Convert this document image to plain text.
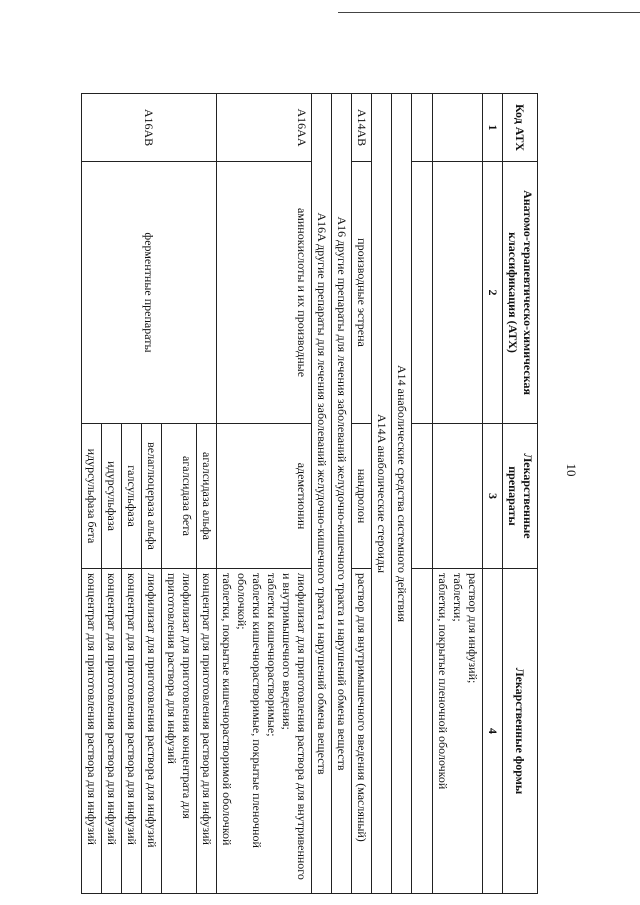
10
Код АТХ	Анатомо-терапевтическо-химическая классификация (АТХ)	Лекарственные препараты	Лекарственные формы
1	2	3	4

			раствор для инфузий;
таблетки;
таблетки, покрытые пленочной оболочкой

A14 анаболические средства системного действия			
A14A анаболические стероиды			
A14AB	производные эстрена	нандролон	раствор для внутримышечного введения (масляный)
A16 другие препараты для лечения заболеваний желудочно-кишечного тракта и нарушений обмена веществ			
A16A другие препараты для лечения заболеваний желудочно-кишечного тракта и нарушений обмена веществ			
A16AA	аминокислоты и их производные	адеметионин	лиофилизат для приготовления раствора для внутривенного и внутримышечного введения;
таблетки кишечнорастворимые;
таблетки кишечнорастворимые, покрытые пленочной оболочкой;
таблетки, покрытые кишечнорастворимой оболочкой

A16AB	ферментные препараты	агалсидаза альфа	концентрат для приготовления раствора для инфузий
		агалсидаза бета	лиофилизат для приготовления концентрата для приготовления раствора для инфузий
		велаглюцераза альфа	лиофилизат для приготовления раствора для инфузий
		галсульфаза	концентрат для приготовления раствора для инфузий
		идурсульфаза	концентрат для приготовления раствора для инфузий
		идурсульфаза бета	концентрат для приготовления раствора для инфузий
